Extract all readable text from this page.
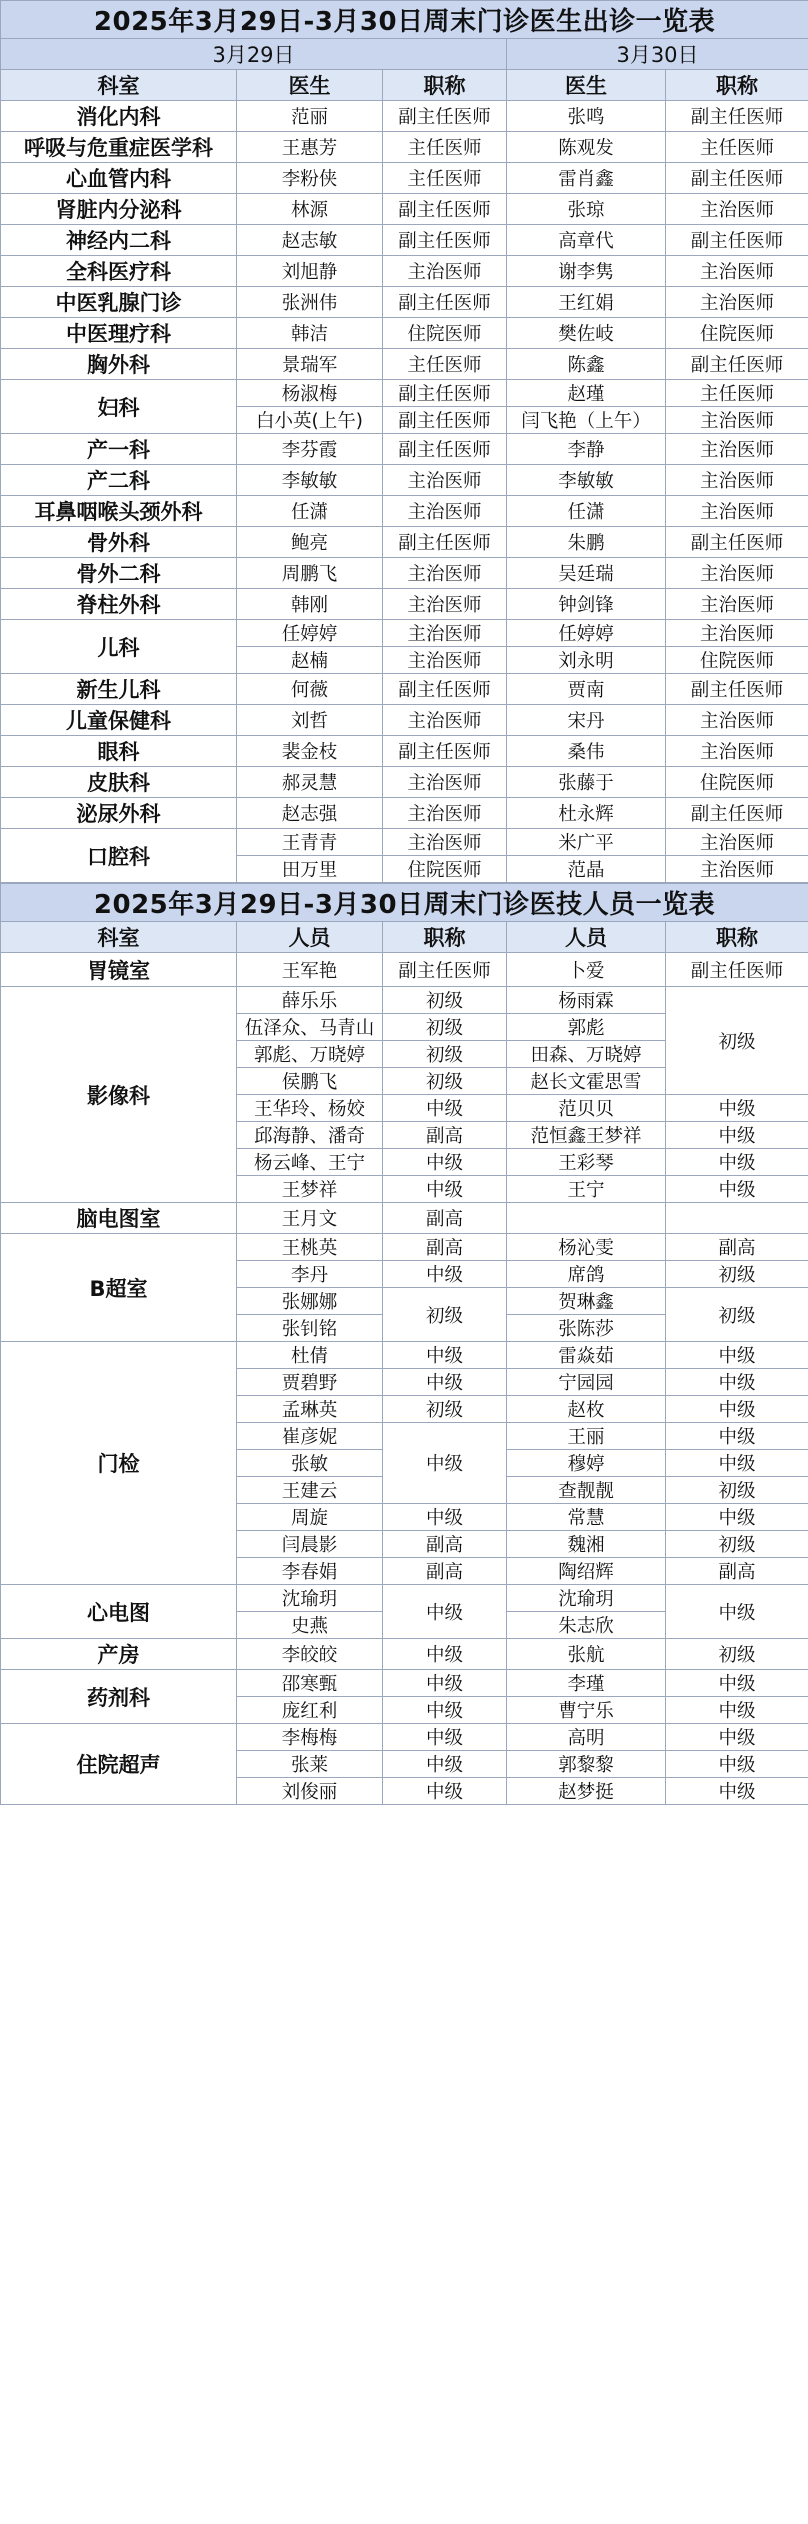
2025年3月29日-3月30日周末门诊医生出诊一览表				
3月29日			3月30日	
科室	医生	职称	医生	职称
消化内科	范丽	副主任医师	张鸣	副主任医师
呼吸与危重症医学科	王惠芳	主任医师	陈观发	主任医师
心血管内科	李粉侠	主任医师	雷肖鑫	副主任医师
肾脏内分泌科	林源	副主任医师	张琼	主治医师
神经内二科	赵志敏	副主任医师	高章代	副主任医师
全科医疗科	刘旭静	主治医师	谢李隽	主治医师
中医乳腺门诊	张洲伟	副主任医师	王红娟	主治医师
中医理疗科	韩洁	住院医师	樊佐岐	住院医师
胸外科	景瑞军	主任医师	陈鑫	副主任医师
妇科	杨淑梅	副主任医师	赵瑾	主任医师
	白小英(上午)	副主任医师	闫飞艳（上午）	主治医师
产一科	李芬霞	副主任医师	李静	主治医师
产二科	李敏敏	主治医师	李敏敏	主治医师
耳鼻咽喉头颈外科	任潇	主治医师	任潇	主治医师
骨外科	鲍亮	副主任医师	朱鹏	副主任医师
骨外二科	周鹏飞	主治医师	吴廷瑞	主治医师
脊柱外科	韩刚	主治医师	钟剑锋	主治医师
儿科	任婷婷	主治医师	任婷婷	主治医师
	赵楠	主治医师	刘永明	住院医师
新生儿科	何薇	副主任医师	贾南	副主任医师
儿童保健科	刘哲	主治医师	宋丹	主治医师
眼科	裴金枝	副主任医师	桑伟	主治医师
皮肤科	郝灵慧	主治医师	张藤于	住院医师
泌尿外科	赵志强	主治医师	杜永辉	副主任医师
口腔科	王青青	主治医师	米广平	主治医师
	田万里	住院医师	范晶	主治医师
2025年3月29日-3月30日周末门诊医技人员一览表				
科室	人员	职称	人员	职称
胃镜室	王军艳	副主任医师	卜爱	副主任医师
影像科	薛乐乐	初级	杨雨霖	初级
	伍泽众、马青山	初级	郭彪	
	郭彪、万晓婷	初级	田森、万晓婷	
	侯鹏飞	初级	赵长文霍思雪	
	王华玲、杨姣	中级	范贝贝	中级
	邱海静、潘奇	副高	范恒鑫王梦祥	中级
	杨云峰、王宁	中级	王彩琴	中级
	王梦祥	中级	王宁	中级
脑电图室	王月文	副高		
B超室	王桃英	副高	杨沁雯	副高
	李丹	中级	席鸽	初级
	张娜娜	初级	贺琳鑫	初级
	张钊铭		张陈莎	
门检	杜倩	中级	雷焱茹	中级
	贾碧野	中级	宁园园	中级
	孟琳英	初级	赵枚	中级
	崔彦妮	中级	王丽	中级
	张敏		穆婷	中级
	王建云		查靓靓	初级
	周旋	中级	常慧	中级
	闫晨影	副高	魏湘	初级
	李春娟	副高	陶绍辉	副高
心电图	沈瑜玥	中级	沈瑜玥	中级
	史燕		朱志欣	
产房	李皎皎	中级	张航	初级
药剂科	邵寒甄	中级	李瑾	中级
	庞红利	中级	曹宁乐	中级
住院超声	李梅梅	中级	高明	中级
	张莱	中级	郭黎黎	中级
	刘俊丽	中级	赵梦挺	中级
